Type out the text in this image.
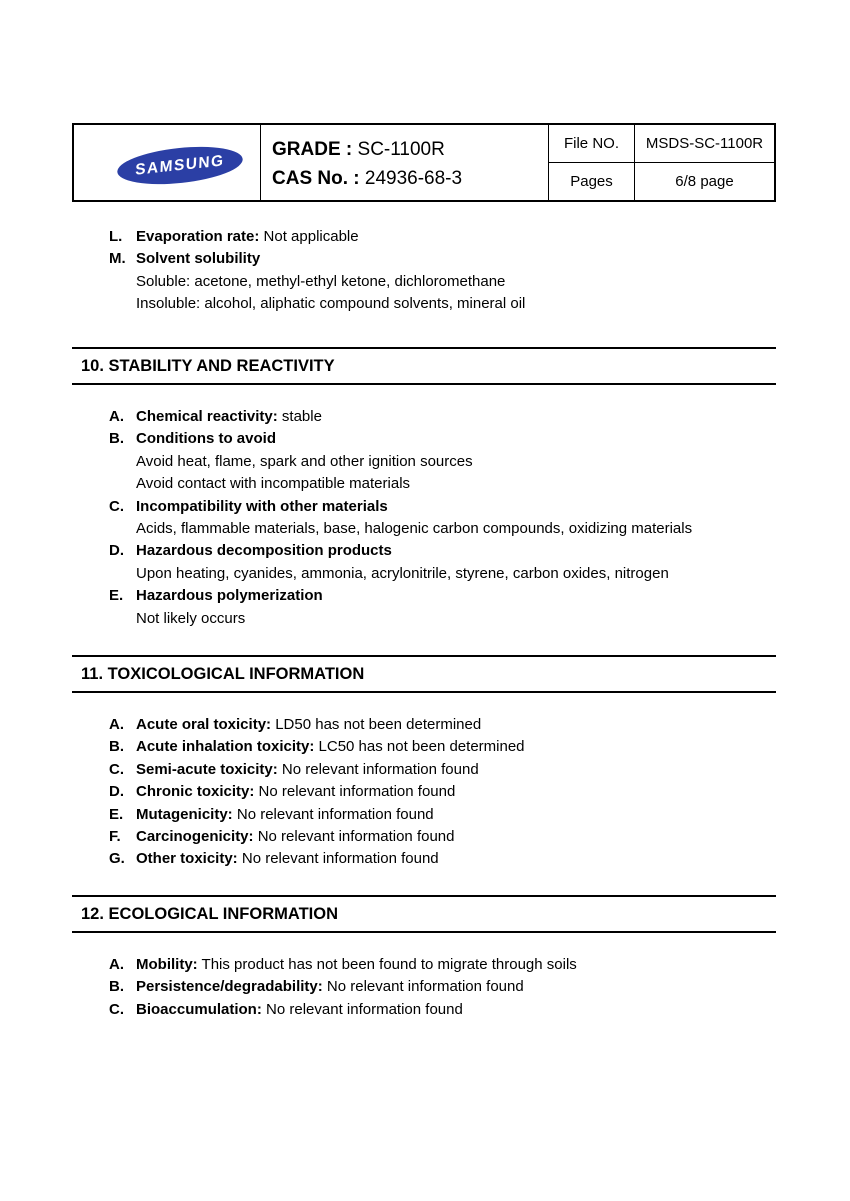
SAMSUNG
GRADE : SC-1100R
CAS No. : 24936-68-3
File NO.
Pages
MSDS-SC-1100R
6/8 page
L. Evaporation rate: Not applicable
M. Solvent solubility
Soluble: acetone, methyl-ethyl ketone, dichloromethane
Insoluble: alcohol, aliphatic compound solvents, mineral oil
10. STABILITY AND REACTIVITY
A. Chemical reactivity: stable
B. Conditions to avoid
Avoid heat, flame, spark and other ignition sources
Avoid contact with incompatible materials
C. Incompatibility with other materials
Acids, flammable materials, base, halogenic carbon compounds, oxidizing materials
D. Hazardous decomposition products
Upon heating, cyanides, ammonia, acrylonitrile, styrene, carbon oxides, nitrogen
E. Hazardous polymerization
Not likely occurs
11. TOXICOLOGICAL INFORMATION
A. Acute oral toxicity: LD50 has not been determined
B. Acute inhalation toxicity: LC50 has not been determined
C. Semi-acute toxicity: No relevant information found
D. Chronic toxicity: No relevant information found
E. Mutagenicity: No relevant information found
F.	Carcinogenicity: No relevant information found
G. Other toxicity: No relevant information found
12. ECOLOGICAL INFORMATION
A. Mobility: This product has not been found to migrate through soils
B. Persistence/degradability: No relevant information found
C. Bioaccumulation: No relevant information found
